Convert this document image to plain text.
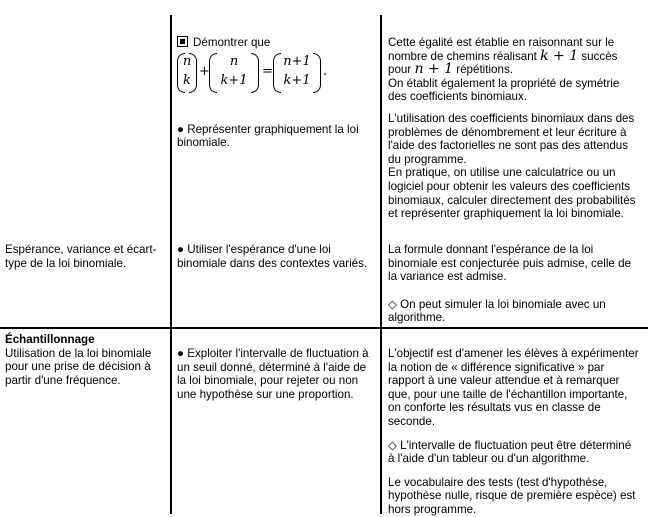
Démontrer que

n
k
+
n
k+1
=
n+1
k+1
.

● Représenter graphiquement la loi binomiale.

Cette égalité est établie en raisonnant sur le nombre de chemins réalisant k + 1 succès
pour n + 1 répétitions.

On établit également la propriété de symétrie des coefficients binomiaux.

L'utilisation des coefficients binomiaux dans des problèmes de dénombrement et leur écriture à l'aide des factorielles ne sont pas des attendus du programme.

En pratique, on utilise une calculatrice ou un logiciel pour obtenir les valeurs des coefficients binomiaux, calculer directement des probabilités et représenter graphiquement la loi binomiale.

Espérance, variance et écart-type de la loi binomiale.

● Utiliser l'espérance d'une loi binomiale dans des contextes variés.

La formule donnant l'espérance de la loi binomiale est conjecturée puis admise, celle de la variance est admise.

◇ On peut simuler la loi binomiale avec un algorithme.

Échantillonnage

Utilisation de la loi binomiale pour une prise de décision à partir d'une fréquence.

● Exploiter l'intervalle de fluctuation à un seuil donné, déterminé à l'aide de la loi binomiale, pour rejeter ou non une hypothèse sur une proportion.

L'objectif est d'amener les élèves à expérimenter la notion de « différence significative » par rapport à une valeur attendue et à remarquer que, pour une taille de l'échantillon importante, on conforte les résultats vus en classe de seconde.

◇ L'intervalle de fluctuation peut être déterminé à l'aide d'un tableur ou d'un algorithme.

Le vocabulaire des tests (test d'hypothèse, hypothèse nulle, risque de première espèce) est hors programme.
